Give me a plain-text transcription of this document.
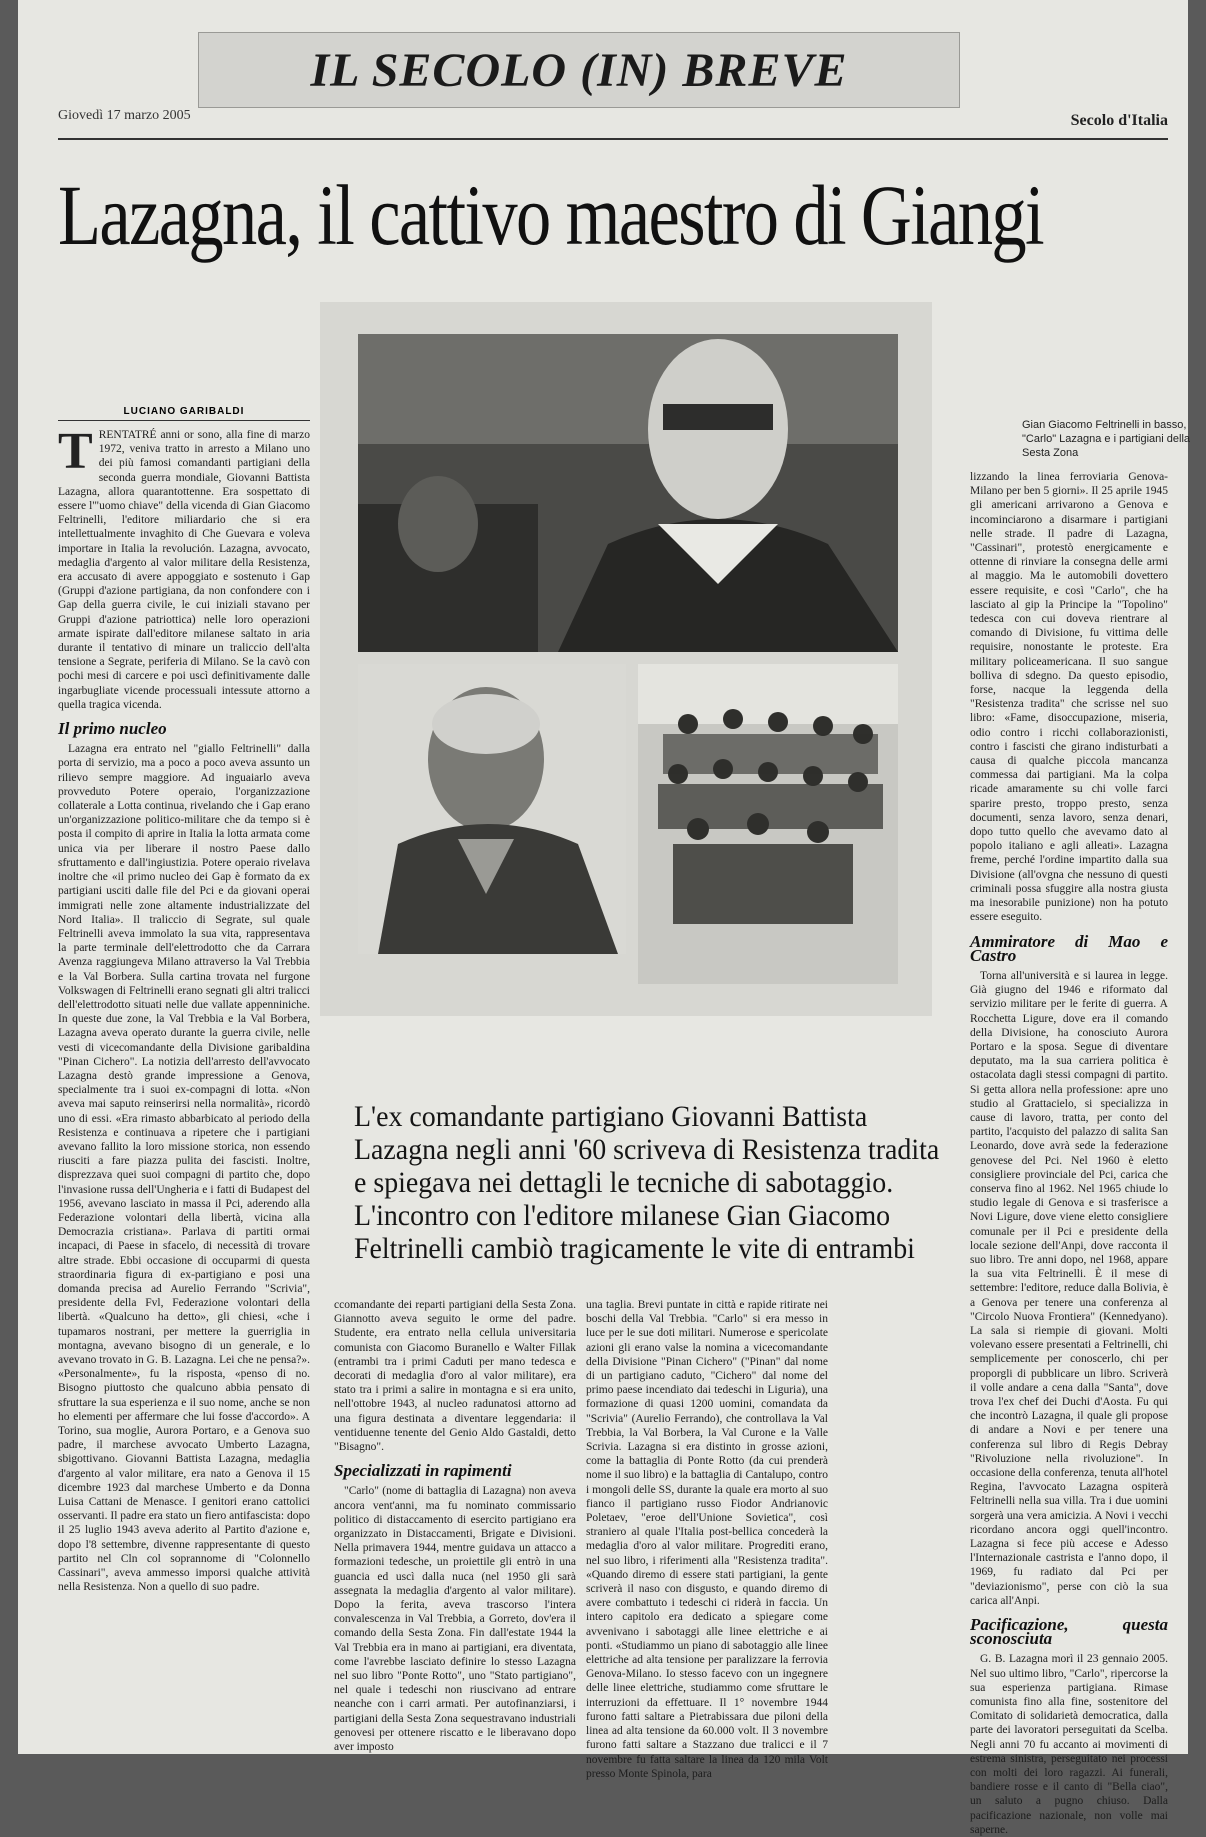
Giovedì 17 marzo 2005	Secolo d'Italia
Lazagna, il cattivo maestro di Giangi
LUCIANO GARIBALDI
T RENTATRÉ anni or sono, alla fine di marzo 1972, veniva tratto in arresto a Milano uno dei più famosi comandanti partigiani della seconda guerra mondiale, Giovanni Battista Lazagna, allora quarantottenne. Era sospettato di essere l'"uomo chiave" della vicenda di Gian Giacomo Feltrinelli, l'editore miliardario che si era intellettualmente invaghito di Che Guevara e voleva importare in Italia la revolución. Lazagna, avvocato, medaglia d'argento al valor militare della Resistenza, era accusato di avere appoggiato e sostenuto i Gap (Gruppi d'azione partigiana, da non confondere con i Gap della guerra civile, le cui iniziali stavano per Gruppi d'azione patriottica) nelle loro operazioni armate ispirate dall'editore milanese saltato in aria durante il tentativo di minare un traliccio dell'alta tensione a Segrate, periferia di Milano. Se la cavò con pochi mesi di carcere e poi uscì definitivamente dalle ingarbugliate vicende processuali intessute attorno a quella tragica vicenda.

Il primo nucleo

Lazagna era entrato nel "giallo Feltrinelli" dalla porta di servizio, ma a poco a poco aveva assunto un rilievo sempre maggiore. Ad inguaiarlo aveva provveduto Potere operaio, l'organizzazione collaterale a Lotta continua, rivelando che i Gap erano un'organizzazione politico-militare che da tempo si è posta il compito di aprire in Italia la lotta armata come unica via per liberare il nostro Paese dallo sfruttamento e dall'ingiustizia. Potere operaio rivelava inoltre che «il primo nucleo dei Gap è formato da ex partigiani usciti dalle file del Pci e da giovani operai immigrati nelle zone altamente industrializzate del Nord Italia». Il traliccio di Segrate, sul quale Feltrinelli aveva immolato la sua vita, rappresentava la parte terminale dell'elettrodotto che da Carrara Avenza raggiungeva Milano attraverso la Val Trebbia e la Val Borbera. Sulla cartina trovata nel furgone Volkswagen di Feltrinelli erano segnati gli altri tralicci dell'elettrodotto situati nelle due vallate appenniniche. In queste due zone, la Val Trebbia e la Val Borbera, Lazagna aveva operato durante la guerra civile, nelle vesti di vicecomandante della Divisione garibaldina "Pinan Cichero". La notizia dell'arresto dell'avvocato Lazagna destò grande impressione a Genova, specialmente tra i suoi ex-compagni di lotta. «Non aveva mai saputo reinserirsi nella normalità», ricordò uno di essi. «Era rimasto abbarbicato al periodo della Resistenza e continuava a ripetere che i partigiani avevano fallito la loro missione storica, non essendo riusciti a fare piazza pulita dei fascisti. Inoltre, disprezzava quei suoi compagni di partito che, dopo l'invasione russa dell'Ungheria e i fatti di Budapest del 1956, avevano lasciato in massa il Pci, aderendo alla Federazione volontari della libertà, vicina alla Democrazia cristiana». Parlava di partiti ormai incapaci, di Paese in sfacelo, di necessità di trovare altre strade. Ebbi occasione di occuparmi di questa straordinaria figura di ex-partigiano e posi una domanda precisa ad Aurelio Ferrando "Scrivia", presidente della Fvl, Federazione volontari della libertà. «Qualcuno ha detto», gli chiesi, «che i tupamaros nostrani, per mettere la guerriglia in montagna, avevano bisogno di un generale, e lo avevano trovato in G. B. Lazagna. Lei che ne pensa?». «Personalmente», fu la risposta, «penso di no. Bisogno piuttosto che qualcuno abbia pensato di sfruttare la sua esperienza e il suo nome, anche se non ho elementi per affermare che lui fosse d'accordo». A Torino, sua moglie, Aurora Portaro, e a Genova suo padre, il marchese avvocato Umberto Lazagna, sbigottivano. Giovanni Battista Lazagna, medaglia d'argento al valor militare, era nato a Genova il 15 dicembre 1923 dal marchese Umberto e da Donna Luisa Cattani de Menasce. I genitori erano cattolici osservanti. Il padre era stato un fiero antifascista: dopo il 25 luglio 1943 aveva aderito al Partito d'azione e, dopo l'8 settembre, divenne rappresentante di questo partito nel Cln col soprannome di "Colonnello Cassinari", aveva ammesso imporsi qualche attività nella Resistenza. Non a quello di suo padre.

Gian Giacomo Feltrinelli in basso, "Carlo" Lazagna e i partigiani della Sesta Zona
L'ex comandante partigiano Giovanni Battista Lazagna negli anni '60 scriveva di Resistenza tradita e spiegava nei dettagli le tecniche di sabotaggio. L'incontro con l'editore milanese Gian Giacomo Feltrinelli cambiò tragicamente le vite di entrambi

ccomandante dei reparti partigiani della Sesta Zona. Giannotto aveva seguito le orme del padre. Studente, era entrato nella cellula universitaria comunista con Giacomo Buranello e Walter Fillak (entrambi tra i primi Caduti per mano tedesca e decorati di medaglia d'oro al valor militare), era stato tra i primi a salire in montagna e si era unito, nell'ottobre 1943, al nucleo radunatosi attorno ad una figura destinata a diventare leggendaria: il ventiduenne tenente del Genio Aldo Gastaldi, detto "Bisagno".

Specializzati in rapimenti

"Carlo" (nome di battaglia di Lazagna) non aveva ancora vent'anni, ma fu nominato commissario politico di distaccamento di esercito partigiano era organizzato in Distaccamenti, Brigate e Divisioni. Nella primavera 1944, mentre guidava un attacco a formazioni tedesche, un proiettile gli entrò in una guancia ed uscì dalla nuca (nel 1950 gli sarà assegnata la medaglia d'argento al valor militare). Dopo la ferita, aveva trascorso l'intera convalescenza in Val Trebbia, a Gorreto, dov'era il comando della Sesta Zona. Fin dall'estate 1944 la Val Trebbia era in mano ai partigiani, era diventata, come l'avrebbe lasciato definire lo stesso Lazagna nel suo libro "Ponte Rotto", uno "Stato partigiano", nel quale i tedeschi non riuscivano ad entrare neanche con i carri armati. Per autofinanziarsi, i partigiani della Sesta Zona sequestravano industriali genovesi per ottenere riscatto e le liberavano dopo aver imposto

una taglia. Brevi puntate in città e rapide ritirate nei boschi della Val Trebbia. "Carlo" si era messo in luce per le sue doti militari. Numerose e spericolate azioni gli erano valse la nomina a vicecomandante della Divisione "Pinan Cichero" ("Pinan" dal nome di un partigiano caduto, "Cichero" dal nome del primo paese incendiato dai tedeschi in Liguria), una formazione di quasi 1200 uomini, comandata da "Scrivia" (Aurelio Ferrando), che controllava la Val Trebbia, la Val Borbera, la Val Curone e la Valle Scrivia. Lazagna si era distinto in grosse azioni, come la battaglia di Ponte Rotto (da cui prenderà nome il suo libro) e la battaglia di Cantalupo, contro i mongoli delle SS, durante la quale era morto al suo fianco il partigiano russo Fiodor Andrianovic Poletaev, "eroe dell'Unione Sovietica", così straniero al quale l'Italia post-bellica concederà la medaglia d'oro al valor militare. Progrediti erano, nel suo libro, i riferimenti alla "Resistenza tradita". «Quando diremo di essere stati partigiani, la gente scriverà il naso con disgusto, e quando diremo di avere combattuto i tedeschi ci riderà in faccia. Un intero capitolo era dedicato a spiegare come avvenivano i sabotaggi alle linee elettriche e ai ponti. «Studiammo un piano di sabotaggio alle linee elettriche ad alta tensione per paralizzare la ferrovia Genova-Milano. Io stesso facevo con un ingegnere delle linee elettriche, studiammo come sfruttare le interruzioni da effettuare. Il 1° novembre 1944 furono fatti saltare a Pietrabissara due piloni della linea ad alta tensione da 60.000 volt. Il 3 novembre furono fatti saltare a Stazzano due tralicci e il 7 novembre fu fatta saltare la linea da 120 mila Volt presso Monte Spinola, para

lizzando la linea ferroviaria Genova-Milano per ben 5 giorni». Il 25 aprile 1945 gli americani arrivarono a Genova e incominciarono a disarmare i partigiani nelle strade. Il padre di Lazagna, "Cassinari", protestò energicamente e ottenne di rinviare la consegna delle armi al maggio. Ma le automobili dovettero essere requisite, e così "Carlo", che ha lasciato al gip la Principe la "Topolino" tedesca con cui doveva rientrare al comando di Divisione, fu vittima delle requisire, nonostante le proteste. Era military policeamericana. Il suo sangue bolliva di sdegno. Da questo episodio, forse, nacque la leggenda della "Resistenza tradita" che scrisse nel suo libro: «Fame, disoccupazione, miseria, odio contro i ricchi collaborazionisti, contro i fascisti che girano indisturbati a causa di qualche piccola mancanza commessa dai partigiani. Ma la colpa ricade amaramente su chi volle farci sparire presto, troppo presto, senza documenti, senza lavoro, senza denari, dopo tutto quello che avevamo dato al popolo italiano e agli alleati». Lazagna freme, perché l'ordine impartito dalla sua Divisione (all'ovgna che nessuno di questi criminali possa sfuggire alla nostra giusta ma inesorabile punizione) non ha potuto essere eseguito.

Ammiratore di Mao e Castro

Torna all'università e si laurea in legge. Già giugno del 1946 e riformato dal servizio militare per le ferite di guerra. A Rocchetta Ligure, dove era il comando della Divisione, ha conosciuto Aurora Portaro e la sposa. Segue di diventare deputato, ma la sua carriera politica è ostacolata dagli stessi compagni di partito. Si getta allora nella professione: apre uno studio al Grattacielo, si specializza in cause di lavoro, tratta, per conto del partito, l'acquisto del palazzo di salita San Leonardo, dove avrà sede la federazione genovese del Pci. Nel 1960 è eletto consigliere provinciale del Pci, carica che conserva fino al 1962. Nel 1965 chiude lo studio legale di Genova e si trasferisce a Novi Ligure, dove viene eletto consigliere comunale per il Pci e presidente della locale sezione dell'Anpi, dove racconta il suo libro. Tre anni dopo, nel 1968, appare la sua vita Feltrinelli. È il mese di settembre: l'editore, reduce dalla Bolivia, è a Genova per tenere una conferenza al "Circolo Nuova Frontiera" (Kennedyano). La sala si riempie di giovani. Molti volevano essere presentati a Feltrinelli, chi semplicemente per conoscerlo, chi per proporgli di pubblicare un libro. Scriverà il volle andare a cena dalla "Santa", dove trova l'ex chef dei Duchi d'Aosta. Fu qui che incontrò Lazagna, il quale gli propose di andare a Novi e per tenere una conferenza sul libro di Regis Debray "Rivoluzione nella rivoluzione". In occasione della conferenza, tenuta all'hotel Regina, l'avvocato Lazagna ospiterà Feltrinelli nella sua villa. Tra i due uomini sorgerà una vera amicizia. A Novi i vecchi ricordano ancora oggi quell'incontro. Lazagna si fece più accese e Adesso l'Internazionale castrista e l'anno dopo, il 1969, fu radiato dal Pci per "deviazionismo", perse con ciò la sua carica all'Anpi.

Pacificazione, questa sconosciuta

G. B. Lazagna morì il 23 gennaio 2005. Nel suo ultimo libro, "Carlo", ripercorse la sua esperienza partigiana. Rimase comunista fino alla fine, sostenitore del Comitato di solidarietà democratica, dalla parte dei lavoratori perseguitati da Scelba. Negli anni 70 fu accanto ai movimenti di estrema sinistra, perseguitato nei processi con molti dei loro ragazzi. Ai funerali, bandiere rosse e il canto di "Bella ciao", un saluto a pugno chiuso. Dalla pacificazione nazionale, non volle mai saperne.

IL SECOLO (IN) BREVE
